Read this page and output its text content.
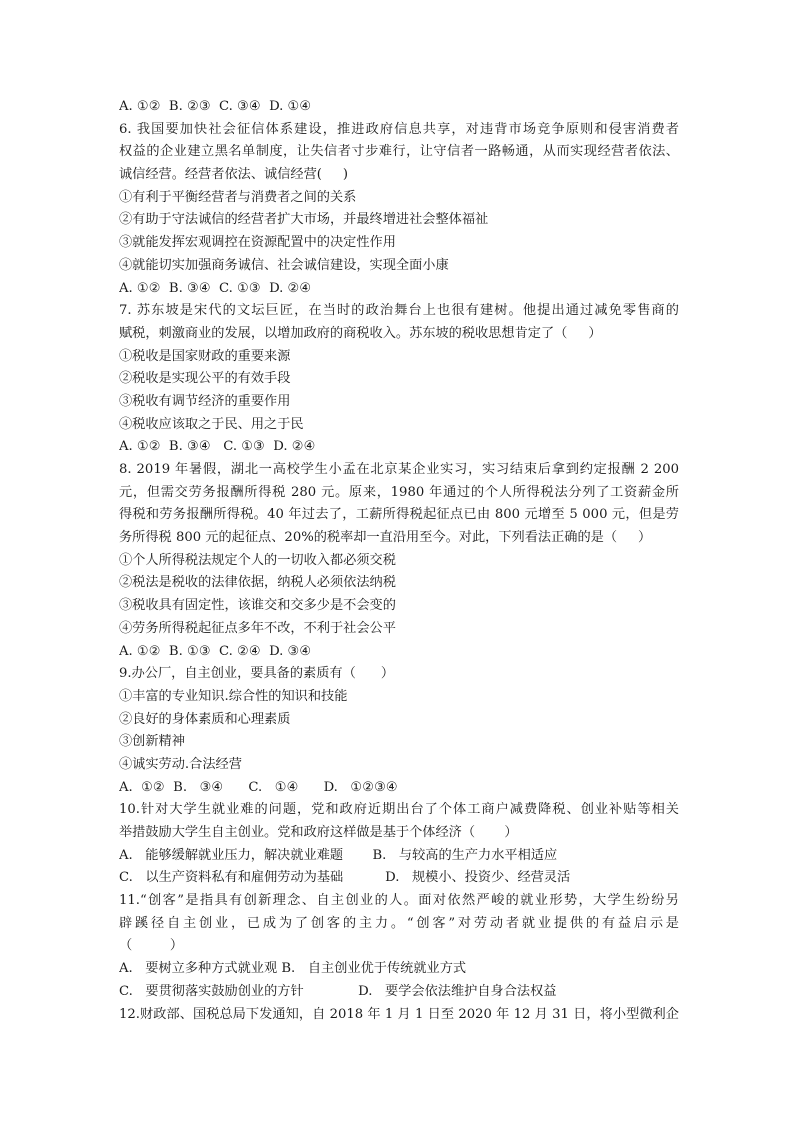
A. ①②  B. ②③  C. ③④  D. ①④
6. 我国要加快社会征信体系建设，推进政府信息共享，对违背市场竞争原则和侵害消费者
权益的企业建立黑名单制度，让失信者寸步难行，让守信者一路畅通，从而实现经营者依法、
诚信经营。经营者依法、诚信经营(     )
①有利于平衡经营者与消费者之间的关系
②有助于守法诚信的经营者扩大市场，并最终增进社会整体福祉
③就能发挥宏观调控在资源配置中的决定性作用
④就能切实加强商务诚信、社会诚信建设，实现全面小康
A. ①②  B. ③④  C. ①③  D. ②④
7. 苏东坡是宋代的文坛巨匠，在当时的政治舞台上也很有建树。他提出通过减免零售商的
赋税，刺激商业的发展，以增加政府的商税收入。苏东坡的税收思想肯定了（     ）
①税收是国家财政的重要来源
②税收是实现公平的有效手段
③税收有调节经济的重要作用
④税收应该取之于民、用之于民
A. ①②  B. ③④   C. ①③  D. ②④
8. 2019 年暑假，湖北一高校学生小孟在北京某企业实习，实习结束后拿到约定报酬 2 200
元，但需交劳务报酬所得税 280 元。原来，1980 年通过的个人所得税法分列了工资薪金所
得税和劳务报酬所得税。40 年过去了，工薪所得税起征点已由 800 元增至 5 000 元，但是劳
务所得税 800 元的起征点、20%的税率却一直沿用至今。对此，下列看法正确的是（     ）
①个人所得税法规定个人的一切收入都必须交税
②税法是税收的法律依据，纳税人必须依法纳税
③税收具有固定性，该谁交和交多少是不会变的
④劳务所得税起征点多年不改，不利于社会公平
A. ①②  B. ①③  C. ②④  D. ③④
9.办公厂，自主创业，要具备的素质有（      ）
①丰富的专业知识.综合性的知识和技能
②良好的身体素质和心理素质
③创新精神
④诚实劳动.合法经营
A.  ①②  B.   ③④      C.   ①④      D.   ①②③④
10.针对大学生就业难的问题，党和政府近期出台了个体工商户减费降税、创业补贴等相关
举措鼓励大学生自主创业。党和政府这样做是基于个体经济（       ）
A.   能够缓解就业压力，解决就业难题       B.   与较高的生产力水平相适应
C.   以生产资料私有和雇佣劳动为基础          D.   规模小、投资少、经营灵活
11.“创客”是指具有创新理念、自主创业的人。面对依然严峻的就业形势，大学生纷纷另
辟蹊径自主创业，已成为了创客的主力。“创客”对劳动者就业提供的有益启示是
（         ）
A.   要树立多种方式就业观 B.   自主创业优于传统就业方式
C.   要贯彻落实鼓励创业的方针             D.   要学会依法维护自身合法权益
12.财政部、国税总局下发通知，自 2018 年 1 月 1 日至 2020 年 12 月 31 日，将小型微利企
